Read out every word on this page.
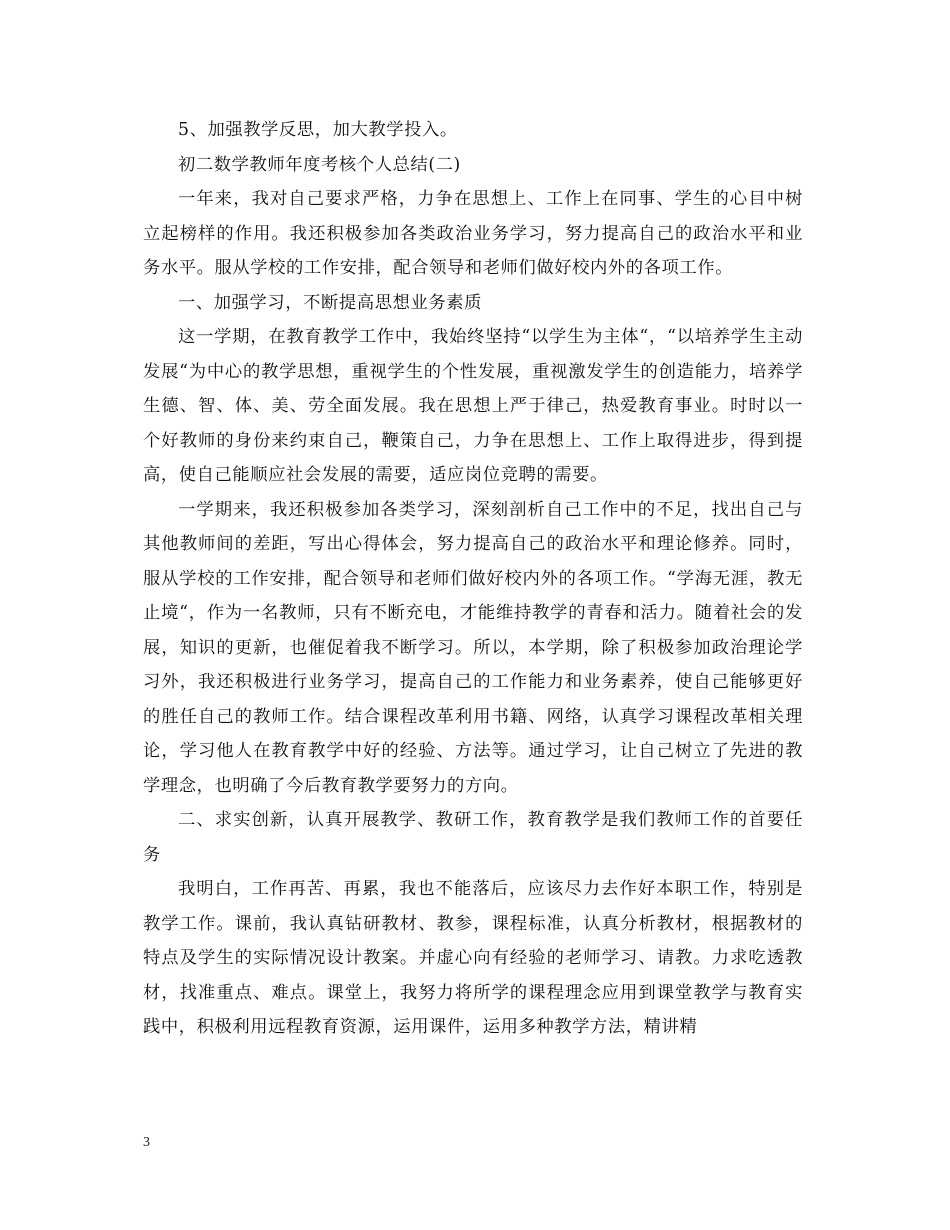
5、加强教学反思，加大教学投入。

初二数学教师年度考核个人总结(二)

一年来，我对自己要求严格，力争在思想上、工作上在同事、学生的心目中树立起榜样的作用。我还积极参加各类政治业务学习，努力提高自己的政治水平和业务水平。服从学校的工作安排，配合领导和老师们做好校内外的各项工作。

一、加强学习，不断提高思想业务素质

这一学期，在教育教学工作中，我始终坚持“以学生为主体“，“以培养学生主动发展“为中心的教学思想，重视学生的个性发展，重视激发学生的创造能力，培养学生德、智、体、美、劳全面发展。我在思想上严于律己，热爱教育事业。时时以一个好教师的身份来约束自己，鞭策自己，力争在思想上、工作上取得进步，得到提高，使自己能顺应社会发展的需要，适应岗位竞聘的需要。

一学期来，我还积极参加各类学习，深刻剖析自己工作中的不足，找出自己与其他教师间的差距，写出心得体会，努力提高自己的政治水平和理论修养。同时，服从学校的工作安排，配合领导和老师们做好校内外的各项工作。“学海无涯，教无止境“，作为一名教师，只有不断充电，才能维持教学的青春和活力。随着社会的发展，知识的更新，也催促着我不断学习。所以，本学期，除了积极参加政治理论学习外，我还积极进行业务学习，提高自己的工作能力和业务素养，使自己能够更好的胜任自己的教师工作。结合课程改革利用书籍、网络，认真学习课程改革相关理论，学习他人在教育教学中好的经验、方法等。通过学习，让自己树立了先进的教学理念，也明确了今后教育教学要努力的方向。

二、求实创新，认真开展教学、教研工作，教育教学是我们教师工作的首要任务

我明白，工作再苦、再累，我也不能落后，应该尽力去作好本职工作，特别是教学工作。课前，我认真钻研教材、教参，课程标准，认真分析教材，根据教材的特点及学生的实际情况设计教案。并虚心向有经验的老师学习、请教。力求吃透教材，找准重点、难点。课堂上，我努力将所学的课程理念应用到课堂教学与教育实践中，积极利用远程教育资源，运用课件，运用多种教学方法，精讲精

3
